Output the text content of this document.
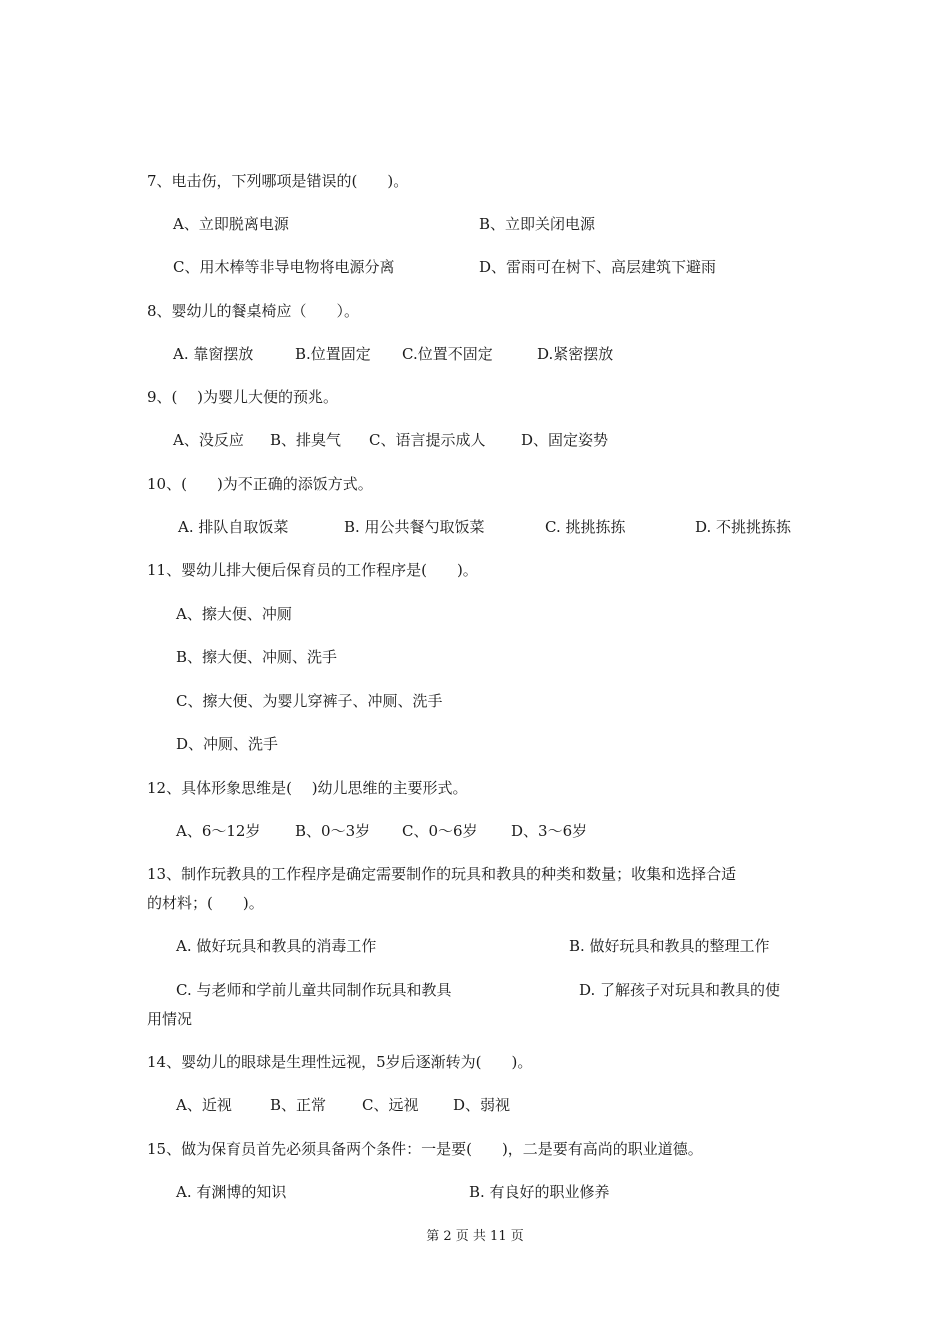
7、电击伤，下列哪项是错误的(　　)。
A、立即脱离电源	B、立即关闭电源
C、用木棒等非导电物将电源分离	D、雷雨可在树下、高层建筑下避雨
8、婴幼儿的餐桌椅应（　　）。
A. 靠窗摆放	B.位置固定 C.位置不固定	D.紧密摆放
9、(　 )为婴儿大便的预兆。
A、没反应 B、排臭气 C、语言提示成人 D、固定姿势
10、(　　)为不正确的添饭方式。
A. 排队自取饭菜	B. 用公共餐勺取饭菜	C. 挑挑拣拣	D. 不挑挑拣拣
11、婴幼儿排大便后保育员的工作程序是(　　)。
A、擦大便、冲厕
B、擦大便、冲厕、洗手
C、擦大便、为婴儿穿裤子、冲厕、洗手
D、冲厕、洗手
12、具体形象思维是(　 )幼儿思维的主要形式。
A、6～12岁 B、0～3岁 C、0～6岁 D、3～6岁
13、制作玩教具的工作程序是确定需要制作的玩具和教具的种类和数量；收集和选择合适
的材料；(　　)。
A. 做好玩具和教具的消毒工作	B. 做好玩具和教具的整理工作
C. 与老师和学前儿童共同制作玩具和教具	D. 了解孩子对玩具和教具的使
用情况
14、婴幼儿的眼球是生理性远视，5岁后逐渐转为(　　)。
A、近视	B、正常 C、远视 D、弱视
15、做为保育员首先必须具备两个条件：一是要(　　)，二是要有高尚的职业道德。
A. 有渊博的知识	B. 有良好的职业修养
第 2 页 共 11 页
